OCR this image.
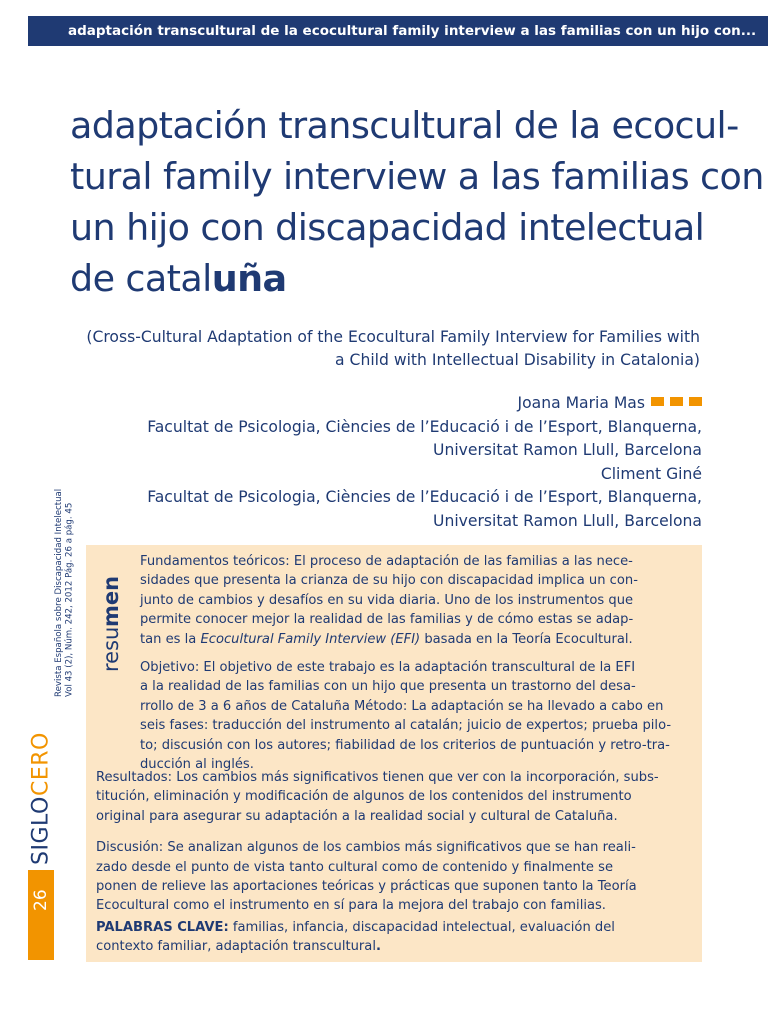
adaptación transcultural de la ecocultural family interview a las familias con un hijo con...
adaptación transcultural de la ecocul-
tural family interview a las familias con
un hijo con discapacidad intelectual
de cataluña
(Cross-Cultural Adaptation of the Ecocultural Family Interview for Families with
a Child with Intellectual Disability in Catalonia)
Joana Maria Mas
Facultat de Psicologia, Ciències de l’Educació i de l’Esport, Blanquerna,
Universitat Ramon Llull, Barcelona
Climent Giné
Facultat de Psicologia, Ciències de l’Educació i de l’Esport, Blanquerna,
Universitat Ramon Llull, Barcelona
Revista Española sobre Discapacidad Intelectual Vol 43 (2), Núm. 242, 2012 Pág. 26 a pág. 45
SIGLO
CERO
26
resu
men

Fundamentos teóricos: El proceso de adaptación de las familias a las nece-
sidades que presenta la crianza de su hijo con discapacidad implica un con-
junto de cambios y desafíos en su vida diaria. Uno de los instrumentos que
permite conocer mejor la realidad de las familias y de cómo estas se adap-
tan es la Ecocultural Family Interview (EFI) basada en la Teoría Ecocultural.

Objetivo: El objetivo de este trabajo es la adaptación transcultural de la EFI
a la realidad de las familias con un hijo que presenta un trastorno del desa-
rrollo de 3 a 6 años de Cataluña Método: La adaptación se ha llevado a cabo en
seis fases: traducción del instrumento al catalán; juicio de expertos; prueba pilo-
to; discusión con los autores; fiabilidad de los criterios de puntuación y retro-tra-
ducción al inglés.

Resultados: Los cambios más significativos tienen que ver con la incorporación, subs-
titución, eliminación y modificación de algunos de los contenidos del instrumento
original para asegurar su adaptación a la realidad social y cultural de Cataluña.

Discusión: Se analizan algunos de los cambios más significativos que se han reali-
zado desde el punto de vista tanto cultural como de contenido y finalmente se
ponen de relieve las aportaciones teóricas y prácticas que suponen tanto la Teoría
Ecocultural como el instrumento en sí para la mejora del trabajo con familias.

PALABRAS CLAVE: familias, infancia, discapacidad intelectual, evaluación del
contexto familiar, adaptación transcultural.
